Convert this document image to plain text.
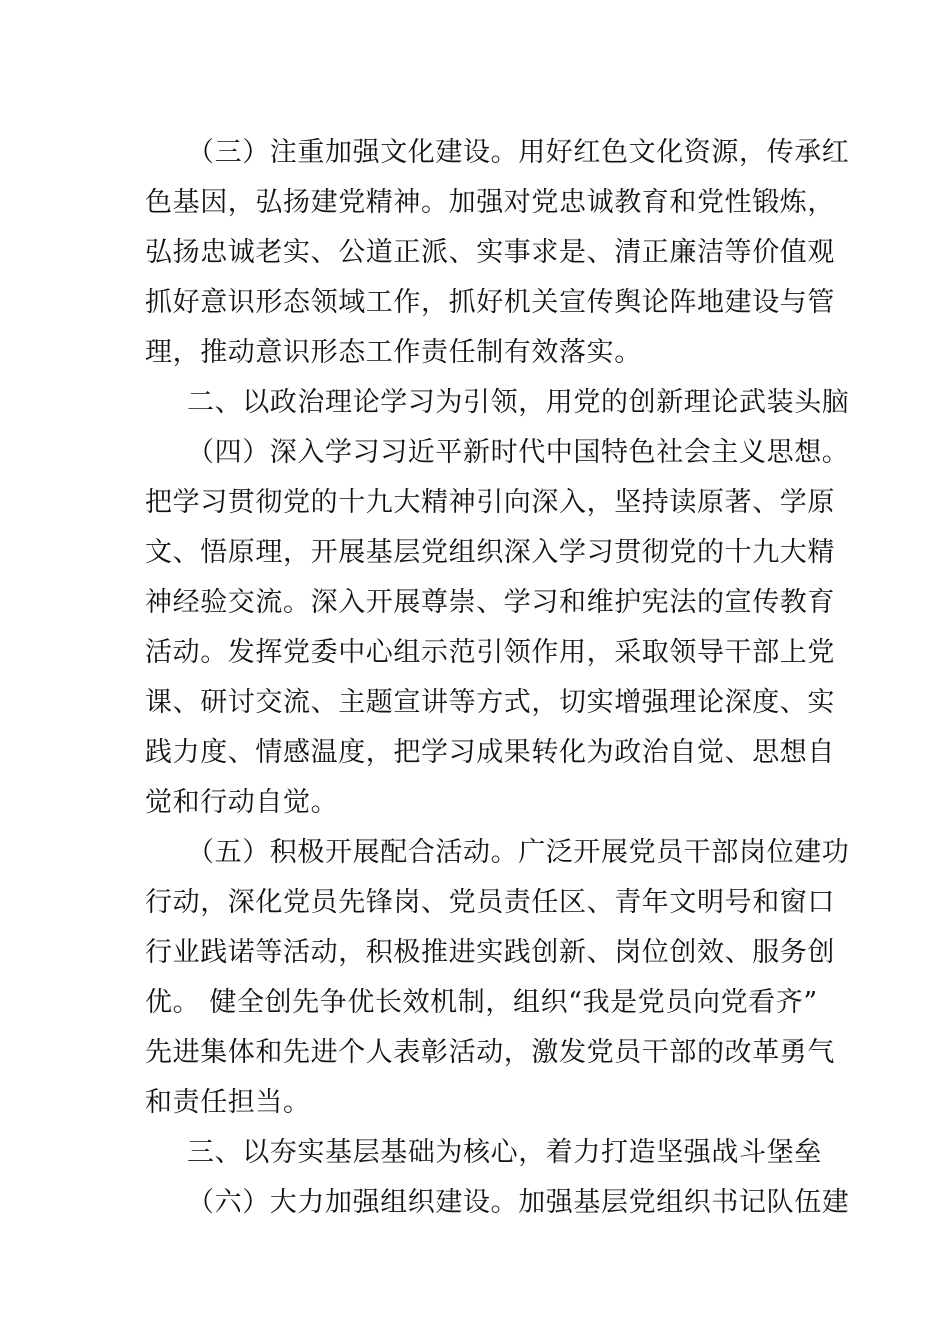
（三）注重加强文化建设。用好红色文化资源，传承红
色基因，弘扬建党精神。加强对党忠诚教育和党性锻炼，
弘扬忠诚老实、公道正派、实事求是、清正廉洁等价值观
抓好意识形态领域工作，抓好机关宣传舆论阵地建设与管
理，推动意识形态工作责任制有效落实。
二、以政治理论学习为引领，用党的创新理论武装头脑
（四）深入学习习近平新时代中国特色社会主义思想。
把学习贯彻党的十九大精神引向深入，坚持读原著、学原
文、悟原理，开展基层党组织深入学习贯彻党的十九大精
神经验交流。深入开展尊崇、学习和维护宪法的宣传教育
活动。发挥党委中心组示范引领作用，采取领导干部上党
课、研讨交流、主题宣讲等方式，切实增强理论深度、实
践力度、情感温度，把学习成果转化为政治自觉、思想自
觉和行动自觉。
（五）积极开展配合活动。广泛开展党员干部岗位建功
行动，深化党员先锋岗、党员责任区、青年文明号和窗口
行业践诺等活动，积极推进实践创新、岗位创效、服务创
优。 健全创先争优长效机制，组织“我是党员向党看齐”
先进集体和先进个人表彰活动，激发党员干部的改革勇气
和责任担当。
三、以夯实基层基础为核心，着力打造坚强战斗堡垒
（六）大力加强组织建设。加强基层党组织书记队伍建
